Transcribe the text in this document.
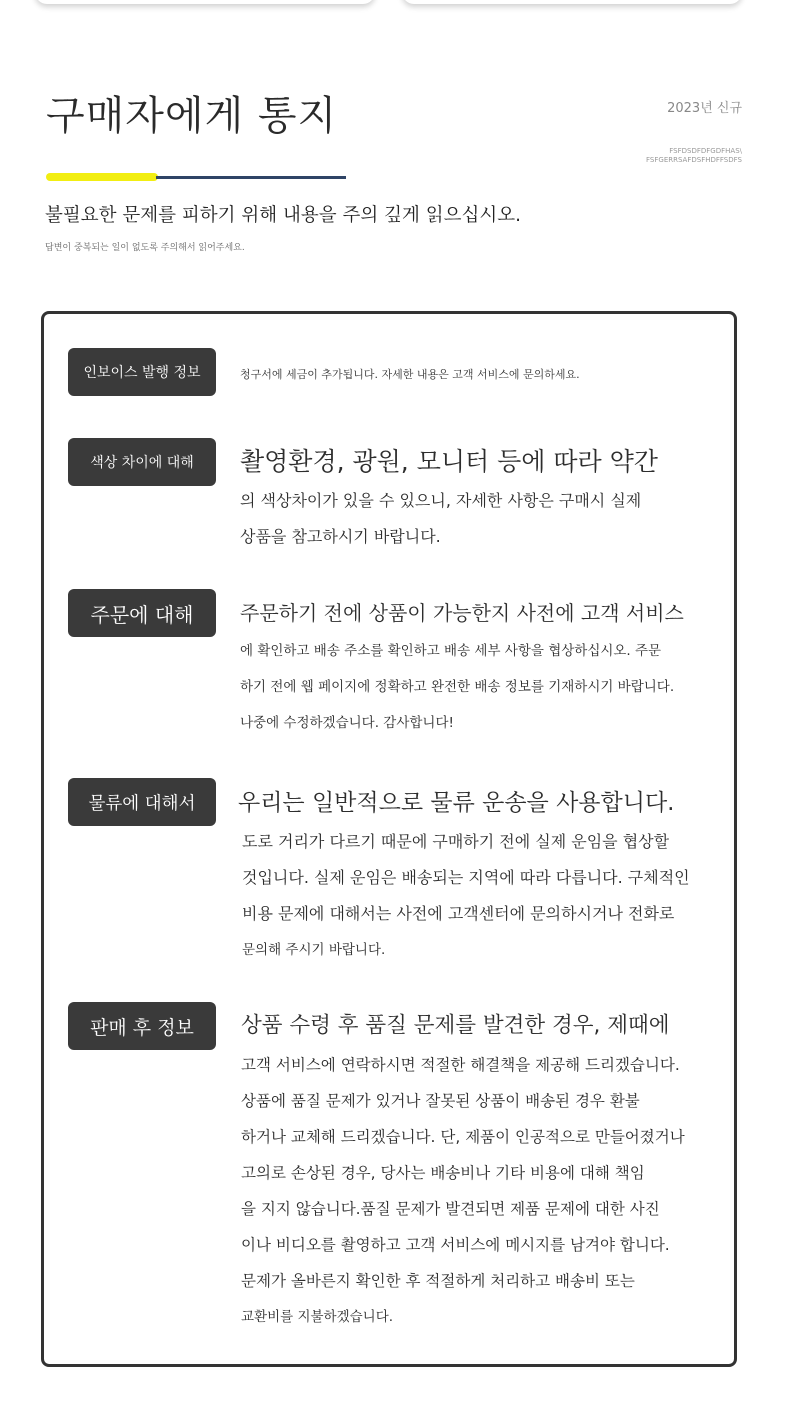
구매자에게 통지	2023년 신규
FSFDSDFDFGDFHAS\
FSFGERRSAFDSFHDFFSDFS
불필요한 문제를 피하기 위해 내용을 주의 깊게 읽으십시오.
답변이 중복되는 일이 없도록 주의해서 읽어주세요.
인보이스 발행 정보	청구서에 세금이 추가됩니다. 자세한 내용은 고객 서비스에 문의하세요.
색상 차이에 대해	촬영환경, 광원, 모니터 등에 따라 약간
의 색상차이가 있을 수 있으니, 자세한 사항은 구매시 실제
상품을 참고하시기 바랍니다.
주문에 대해	주문하기 전에 상품이 가능한지 사전에 고객 서비스
에 확인하고 배송 주소를 확인하고 배송 세부 사항을 협상하십시오. 주문
하기 전에 웹 페이지에 정확하고 완전한 배송 정보를 기재하시기 바랍니다.
나중에 수정하겠습니다. 감사합니다!
물류에 대해서	우리는 일반적으로 물류 운송을 사용합니다.
도로 거리가 다르기 때문에 구매하기 전에 실제 운임을 협상할
것입니다. 실제 운임은 배송되는 지역에 따라 다릅니다. 구체적인
비용 문제에 대해서는 사전에 고객센터에 문의하시거나 전화로
문의해 주시기 바랍니다.
판매 후 정보	상품 수령 후 품질 문제를 발견한 경우, 제때에
고객 서비스에 연락하시면 적절한 해결책을 제공해 드리겠습니다.
상품에 품질 문제가 있거나 잘못된 상품이 배송된 경우 환불
하거나 교체해 드리겠습니다. 단, 제품이 인공적으로 만들어졌거나
고의로 손상된 경우, 당사는 배송비나 기타 비용에 대해 책임
을 지지 않습니다.품질 문제가 발견되면 제품 문제에 대한 사진
이나 비디오를 촬영하고 고객 서비스에 메시지를 남겨야 합니다.
문제가 올바른지 확인한 후 적절하게 처리하고 배송비 또는
교환비를 지불하겠습니다.
